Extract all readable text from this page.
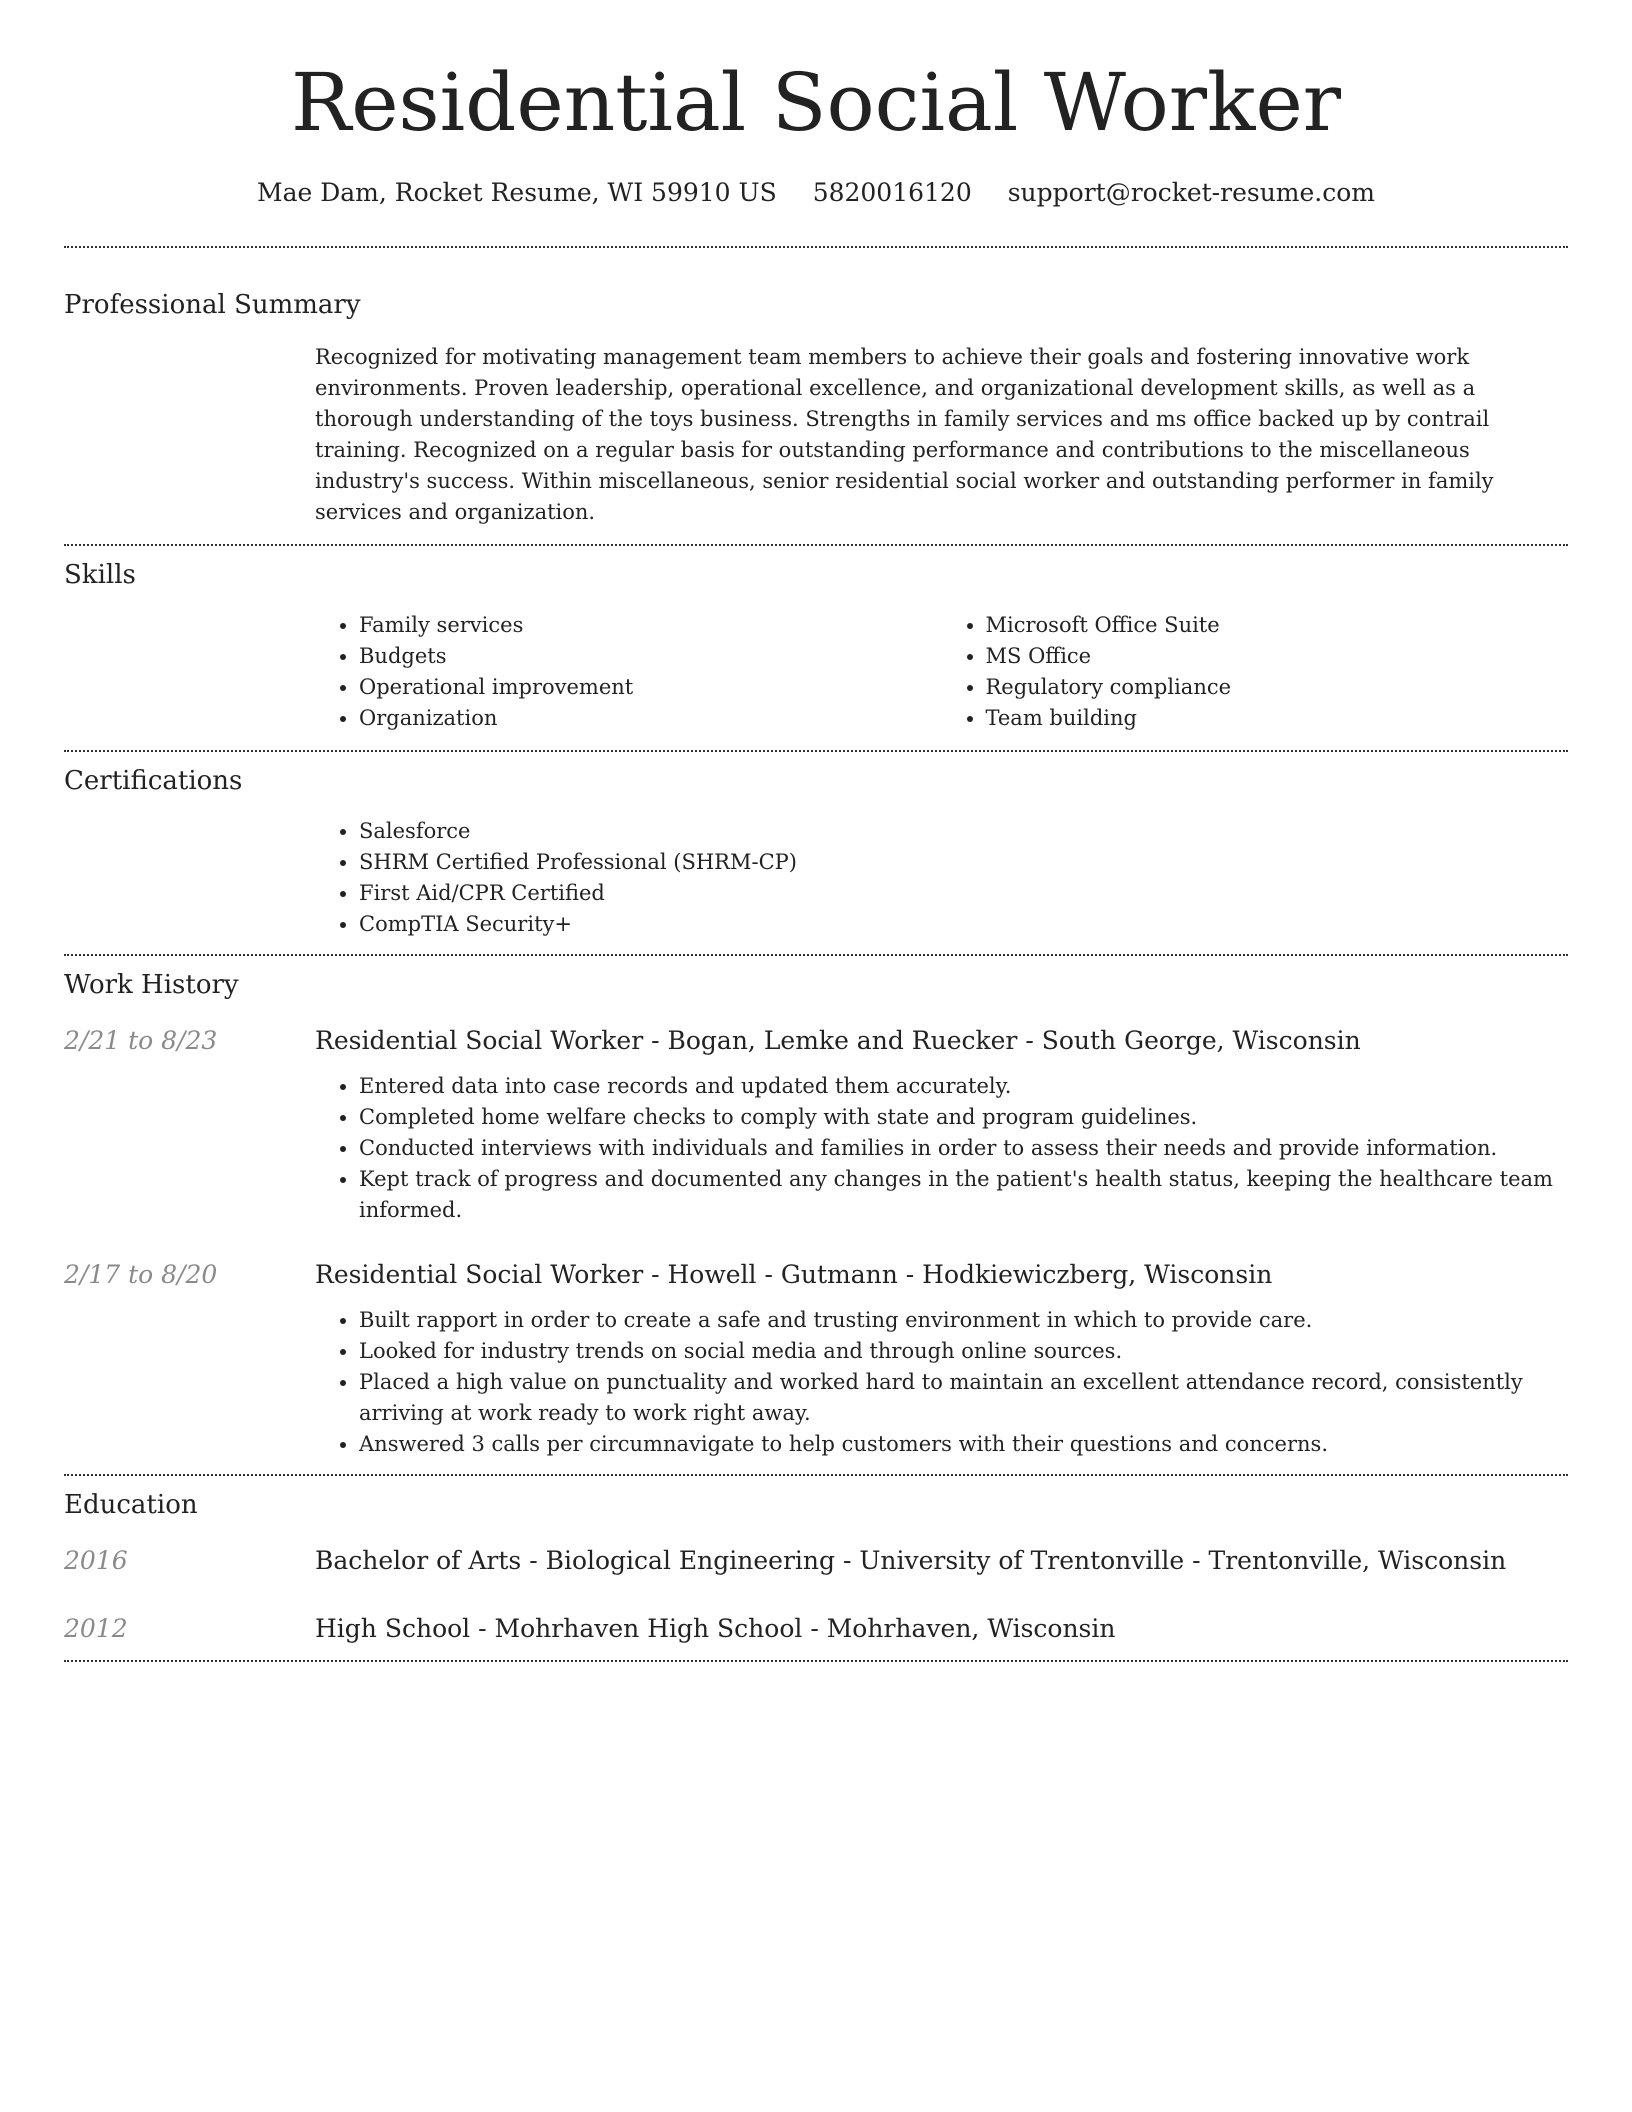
Residential Social Worker
Mae Dam, Rocket Resume, WI 59910 US 5820016120 support@rocket-resume.com
Professional Summary

Recognized for motivating management team members to achieve their goals and fostering innovative work environments. Proven leadership, operational excellence, and organizational development skills, as well as a thorough understanding of the toys business. Strengths in family services and ms office backed up by contrail training. Recognized on a regular basis for outstanding performance and contributions to the miscellaneous industry's success. Within miscellaneous, senior residential social worker and outstanding performer in family services and organization.

Skills
• Family services
• Budgets
• Operational improvement
• Organization
• Microsoft Office Suite
• MS Office
• Regulatory compliance
• Team building
Certifications
• Salesforce
• SHRM Certified Professional (SHRM-CP)
• First Aid/CPR Certified
• CompTIA Security+
Work History
2/21 to 8/23	Residential Social Worker - Bogan, Lemke and Ruecker - South George, Wisconsin
• Entered data into case records and updated them accurately.
• Completed home welfare checks to comply with state and program guidelines.
• Conducted interviews with individuals and families in order to assess their needs and provide information.
• Kept track of progress and documented any changes in the patient's health status, keeping the healthcare team informed.
2/17 to 8/20	Residential Social Worker - Howell - Gutmann - Hodkiewiczberg, Wisconsin
• Built rapport in order to create a safe and trusting environment in which to provide care.
• Looked for industry trends on social media and through online sources.
• Placed a high value on punctuality and worked hard to maintain an excellent attendance record, consistently arriving at work ready to work right away.
• Answered 3 calls per circumnavigate to help customers with their questions and concerns.
Education
2016	Bachelor of Arts - Biological Engineering - University of Trentonville - Trentonville, Wisconsin
2012	High School - Mohrhaven High School - Mohrhaven, Wisconsin
